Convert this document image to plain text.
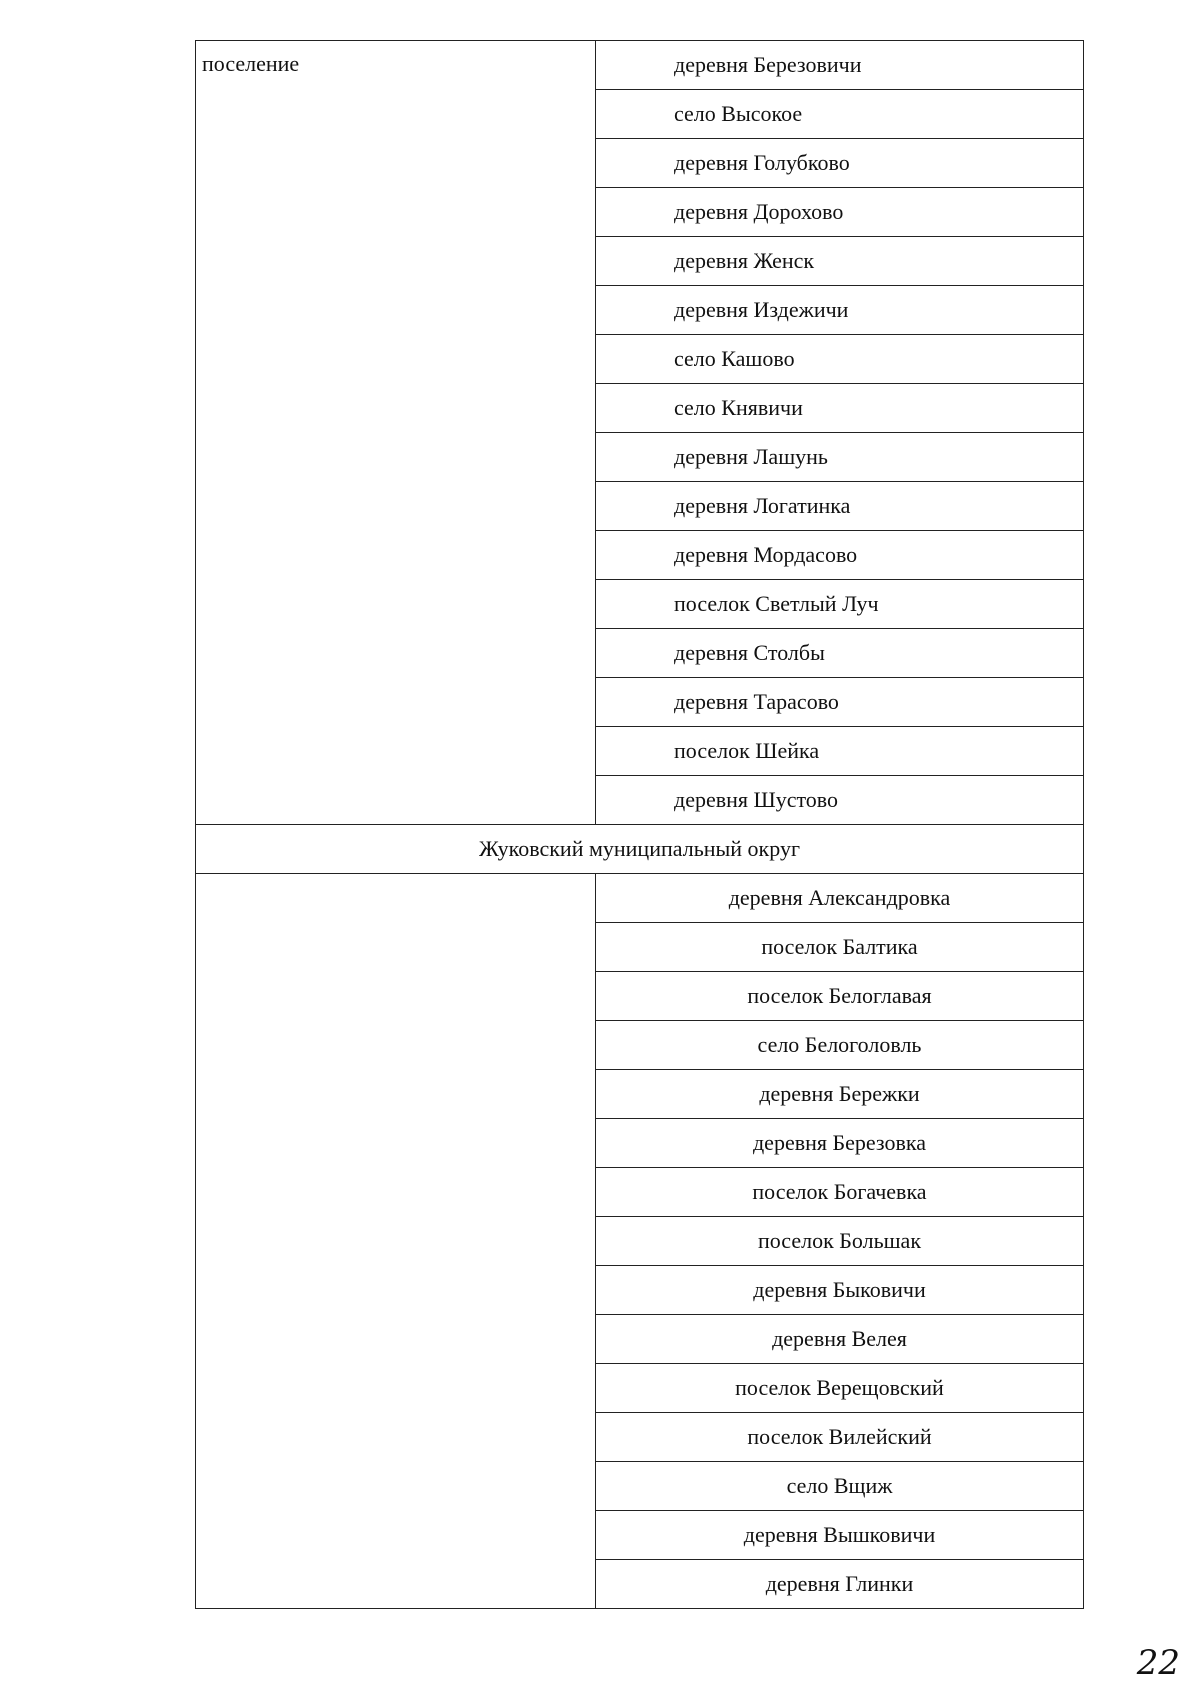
поселение	деревня Березовичи
	село Высокое
	деревня Голубково
	деревня Дорохово
	деревня Женск
	деревня Издежичи
	село Кашово
	село Княвичи
	деревня Лашунь
	деревня Логатинка
	деревня Мордасово
	поселок Светлый Луч
	деревня Столбы
	деревня Тарасово
	поселок Шейка
	деревня Шустово
Жуковский муниципальный округ	
	деревня Александровка
	поселок Балтика
	поселок Белоглавая
	село Белоголовль
	деревня Бережки
	деревня Березовка
	поселок Богачевка
	поселок Большак
	деревня Быковичи
	деревня Велея
	поселок Верещовский
	поселок Вилейский
	село Вщиж
	деревня Вышковичи
	деревня Глинки
22
